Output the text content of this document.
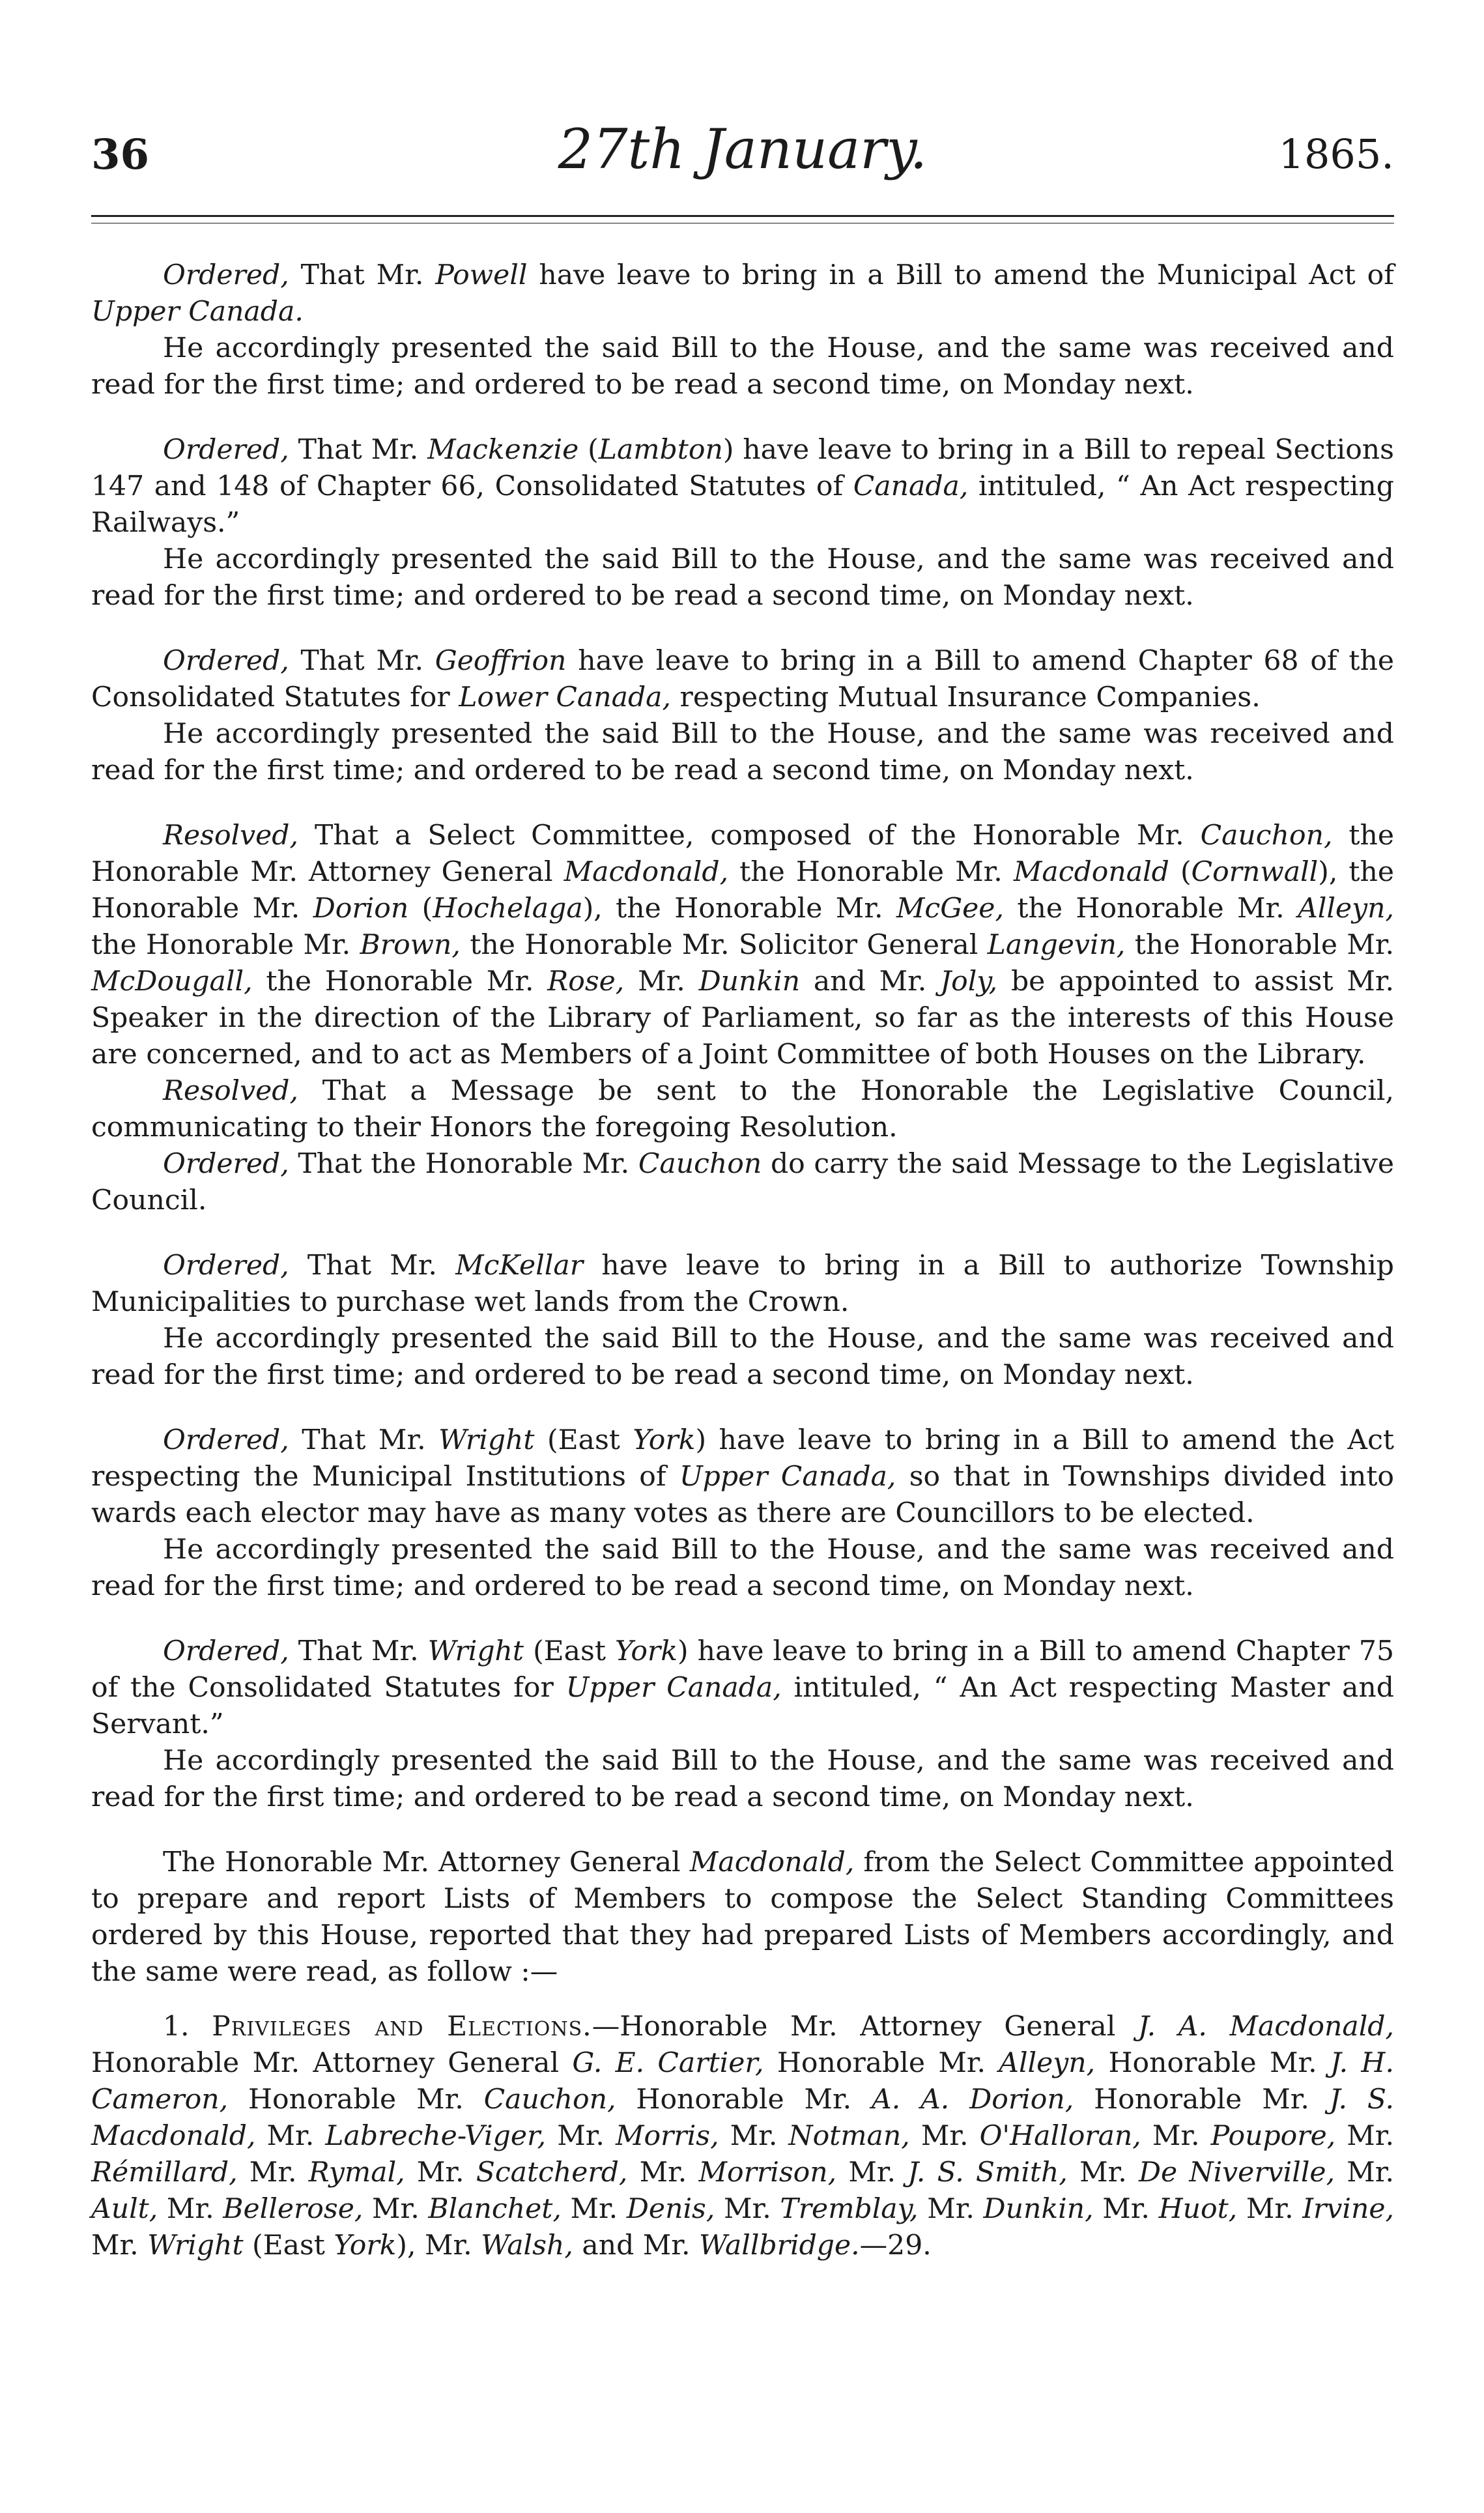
36	27th January.	1865.

Ordered, That Mr. Powell have leave to bring in a Bill to amend the Municipal Act of Upper Canada.

He accordingly presented the said Bill to the House, and the same was received and read for the first time; and ordered to be read a second time, on Monday next.

Ordered, That Mr. Mackenzie (Lambton) have leave to bring in a Bill to repeal Sections 147 and 148 of Chapter 66, Consolidated Statutes of Canada, intituled, “ An Act respecting Railways.”

He accordingly presented the said Bill to the House, and the same was received and read for the first time; and ordered to be read a second time, on Monday next.

Ordered, That Mr. Geoffrion have leave to bring in a Bill to amend Chapter 68 of the Consolidated Statutes for Lower Canada, respecting Mutual Insurance Companies.

He accordingly presented the said Bill to the House, and the same was received and read for the first time; and ordered to be read a second time, on Monday next.

Resolved, That a Select Committee, composed of the Honorable Mr. Cauchon, the Honorable Mr. Attorney General Macdonald, the Honorable Mr. Macdonald (Cornwall), the Honorable Mr. Dorion (Hochelaga), the Honorable Mr. McGee, the Honorable Mr. Alleyn, the Honorable Mr. Brown, the Honorable Mr. Solicitor General Langevin, the Honorable Mr. McDougall, the Honorable Mr. Rose, Mr. Dunkin and Mr. Joly, be appointed to assist Mr. Speaker in the direction of the Library of Parliament, so far as the interests of this House are concerned, and to act as Members of a Joint Committee of both Houses on the Library.

Resolved, That a Message be sent to the Honorable the Legislative Council, communicating to their Honors the foregoing Resolution.

Ordered, That the Honorable Mr. Cauchon do carry the said Message to the Legislative Council.

Ordered, That Mr. McKellar have leave to bring in a Bill to authorize Township Municipalities to purchase wet lands from the Crown.

He accordingly presented the said Bill to the House, and the same was received and read for the first time; and ordered to be read a second time, on Monday next.

Ordered, That Mr. Wright (East York) have leave to bring in a Bill to amend the Act respecting the Municipal Institutions of Upper Canada, so that in Townships divided into wards each elector may have as many votes as there are Councillors to be elected.

He accordingly presented the said Bill to the House, and the same was received and read for the first time; and ordered to be read a second time, on Monday next.

Ordered, That Mr. Wright (East York) have leave to bring in a Bill to amend Chapter 75 of the Consolidated Statutes for Upper Canada, intituled, “ An Act respecting Master and Servant.”

He accordingly presented the said Bill to the House, and the same was received and read for the first time; and ordered to be read a second time, on Monday next.

The Honorable Mr. Attorney General Macdonald, from the Select Committee appointed to prepare and report Lists of Members to compose the Select Standing Committees ordered by this House, reported that they had prepared Lists of Members accordingly, and the same were read, as follow :—

1. Privileges and Elections.—Honorable Mr. Attorney General J. A. Macdonald, Honorable Mr. Attorney General G. E. Cartier, Honorable Mr. Alleyn, Honorable Mr. J. H. Cameron, Honorable Mr. Cauchon, Honorable Mr. A. A. Dorion, Honorable Mr. J. S. Macdonald, Mr. Labreche-Viger, Mr. Morris, Mr. Notman, Mr. O'Halloran, Mr. Poupore, Mr. Rémillard, Mr. Rymal, Mr. Scatcherd, Mr. Morrison, Mr. J. S. Smith, Mr. De Niverville, Mr. Ault, Mr. Bellerose, Mr. Blanchet, Mr. Denis, Mr. Tremblay, Mr. Dunkin, Mr. Huot, Mr. Irvine, Mr. Wright (East York), Mr. Walsh, and Mr. Wallbridge.—29.
